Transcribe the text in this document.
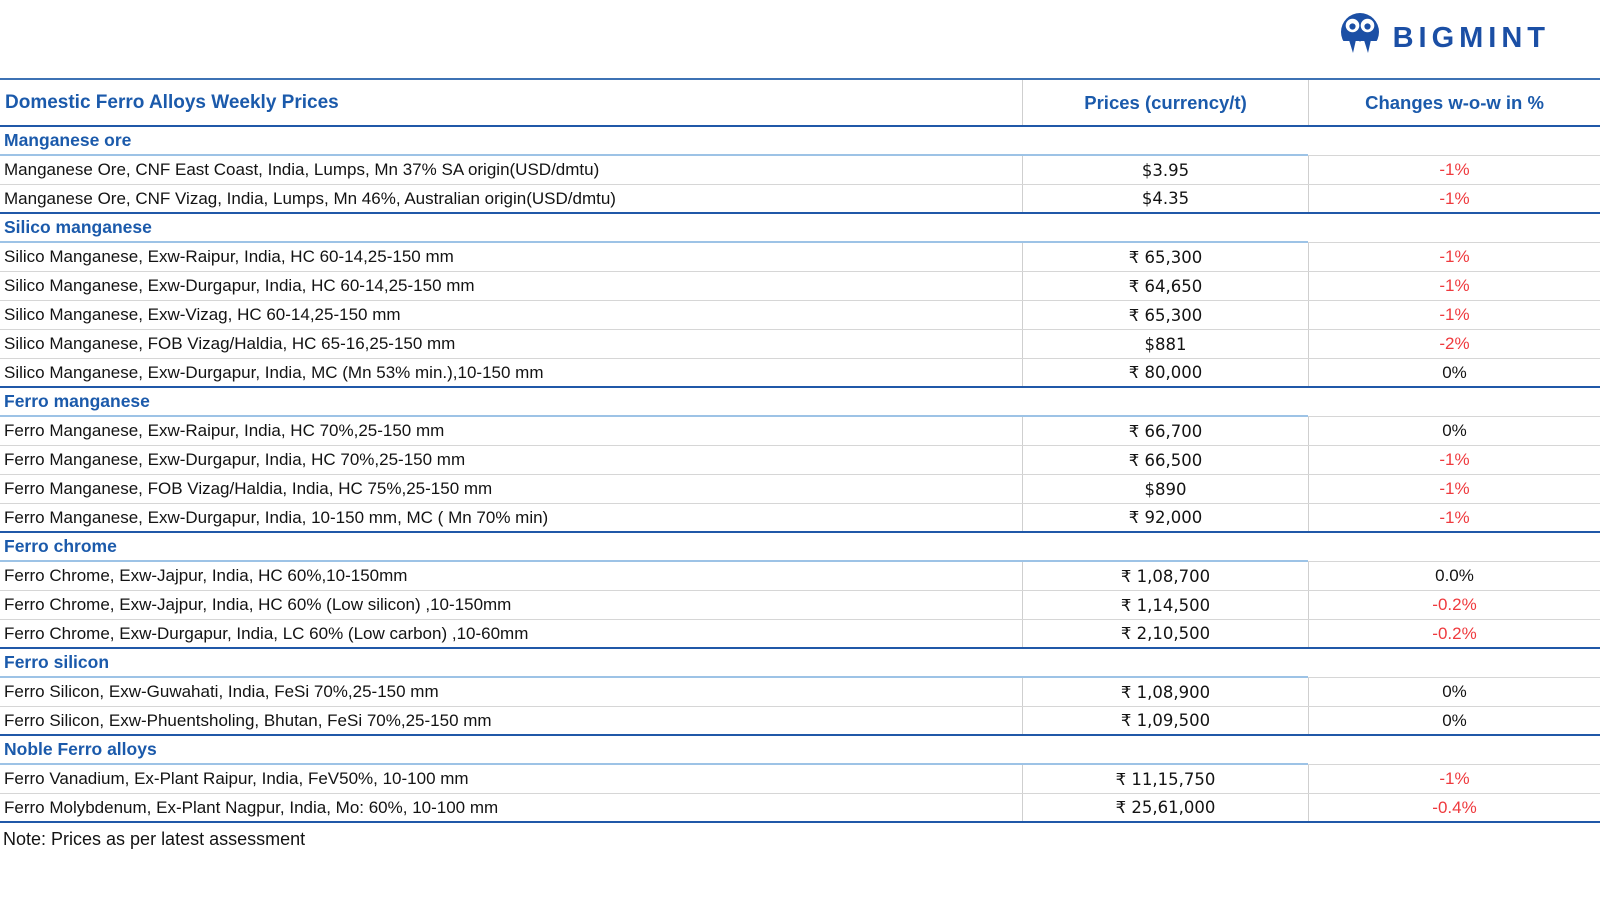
BIGMINT
Domestic Ferro Alloys Weekly Prices	Prices (currency/t)	Changes w-o-w in %
Manganese ore
Manganese Ore, CNF East Coast, India, Lumps, Mn 37% SA origin(USD/dmtu)	$3.95	-1%
Manganese Ore, CNF Vizag, India, Lumps, Mn 46%, Australian origin(USD/dmtu)	$4.35	-1%
Silico manganese
Silico Manganese, Exw-Raipur, India, HC 60-14,25-150 mm	₹ 65,300	-1%
Silico Manganese, Exw-Durgapur, India, HC 60-14,25-150 mm	₹ 64,650	-1%
Silico Manganese, Exw-Vizag, HC 60-14,25-150 mm	₹ 65,300	-1%
Silico Manganese, FOB Vizag/Haldia, HC 65-16,25-150 mm	$881	-2%
Silico Manganese, Exw-Durgapur, India, MC (Mn 53% min.),10-150 mm	₹ 80,000	0%
Ferro manganese
Ferro Manganese, Exw-Raipur, India, HC 70%,25-150 mm	₹ 66,700	0%
Ferro Manganese, Exw-Durgapur, India, HC 70%,25-150 mm	₹ 66,500	-1%
Ferro Manganese, FOB Vizag/Haldia, India, HC 75%,25-150 mm	$890	-1%
Ferro Manganese, Exw-Durgapur, India, 10-150 mm, MC ( Mn 70% min)	₹ 92,000	-1%
Ferro chrome
Ferro Chrome, Exw-Jajpur, India, HC 60%,10-150mm	₹ 1,08,700	0.0%
Ferro Chrome, Exw-Jajpur, India, HC 60% (Low silicon) ,10-150mm	₹ 1,14,500	-0.2%
Ferro Chrome, Exw-Durgapur, India, LC 60% (Low carbon) ,10-60mm	₹ 2,10,500	-0.2%
Ferro silicon
Ferro Silicon, Exw-Guwahati, India, FeSi 70%,25-150 mm	₹ 1,08,900	0%
Ferro Silicon, Exw-Phuentsholing, Bhutan, FeSi 70%,25-150 mm	₹ 1,09,500	0%
Noble Ferro alloys
Ferro Vanadium, Ex-Plant Raipur, India, FeV50%, 10-100 mm	₹ 11,15,750	-1%
Ferro Molybdenum, Ex-Plant Nagpur, India, Mo: 60%, 10-100 mm	₹ 25,61,000	-0.4%
Note: Prices as per latest assessment
